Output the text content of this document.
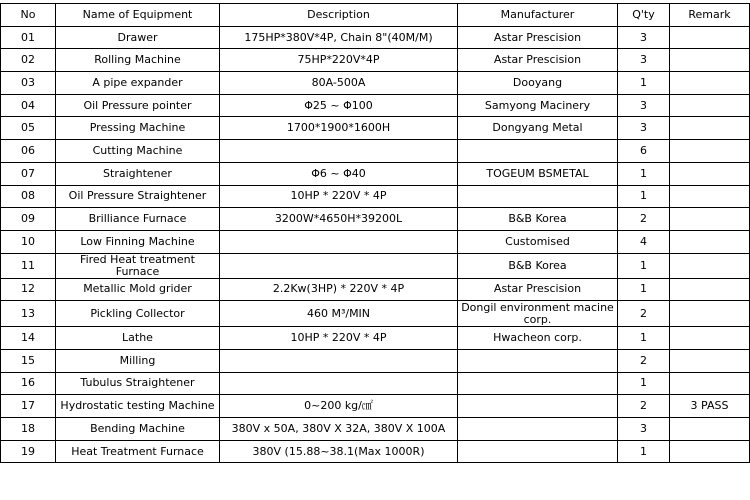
No	Name of Equipment	Description	Manufacturer	Q'ty	Remark
01	Drawer	175HP*380V*4P, Chain 8"(40M/M)	Astar Prescision	3	
02	Rolling Machine	75HP*220V*4P	Astar Prescision	3	
03	A pipe expander	80A-500A	Dooyang	1	
04	Oil Pressure pointer	Φ25 ~ Φ100	Samyong Macinery	3	
05	Pressing Machine	1700*1900*1600H	Dongyang Metal	3	
06	Cutting Machine			6	
07	Straightener	Φ6 ~ Φ40	TOGEUM BSMETAL	1	
08	Oil Pressure Straightener	10HP * 220V * 4P		1	
09	Brilliance Furnace	3200W*4650H*39200L	B&B Korea	2	
10	Low Finning Machine		Customised	4	
11	Fired Heat treatment Furnace		B&B Korea	1	
12	Metallic Mold grider	2.2Kw(3HP) * 220V * 4P	Astar Prescision	1	
13	Pickling Collector	460 M³/MIN	Dongil environment macine corp.	2	
14	Lathe	10HP * 220V * 4P	Hwacheon corp.	1	
15	Milling			2	
16	Tubulus Straightener			1	
17	Hydrostatic testing Machine	0~200 kg/㎠		2	3 PASS
18	Bending Machine	380V x 50A, 380V X 32A, 380V X 100A		3	
19	Heat Treatment Furnace	380V (15.88~38.1(Max 1000R)		1	
